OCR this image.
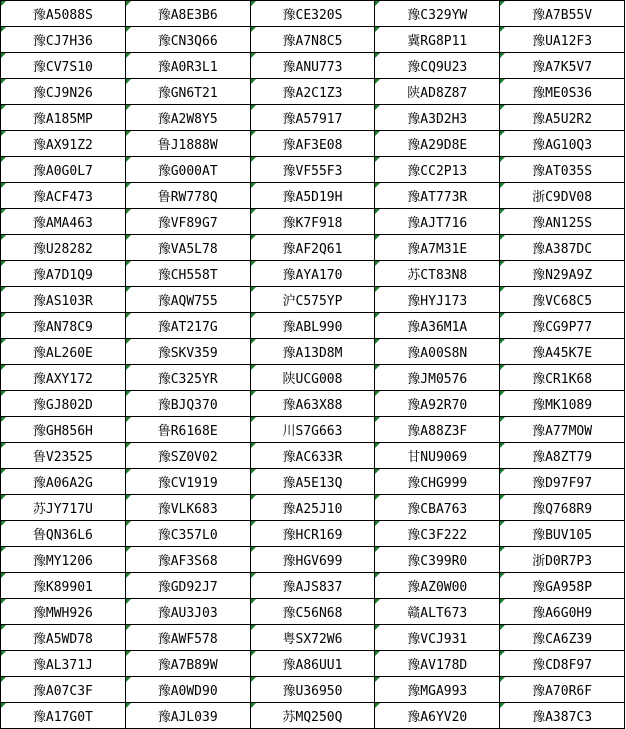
豫A5088S	豫A8E3B6	豫CE320S	豫C329YW	豫A7B55V
豫CJ7H36	豫CN3Q66	豫A7N8C5	冀RG8P11	豫UA12F3
豫CV7S10	豫A0R3L1	豫ANU773	豫CQ9U23	豫A7K5V7
豫CJ9N26	豫GN6T21	豫A2C1Z3	陕AD8Z87	豫ME0S36
豫A185MP	豫A2W8Y5	豫A57917	豫A3D2H3	豫A5U2R2
豫AX91Z2	鲁J1888W	豫AF3E08	豫A29D8E	豫AG10Q3
豫A0G0L7	豫G000AT	豫VF55F3	豫CC2P13	豫AT035S
豫ACF473	鲁RW778Q	豫A5D19H	豫AT773R	浙C9DV08
豫AMA463	豫VF89G7	豫K7F918	豫AJT716	豫AN125S
豫U28282	豫VA5L78	豫AF2Q61	豫A7M31E	豫A387DC
豫A7D1Q9	豫CH558T	豫AYA170	苏CT83N8	豫N29A9Z
豫AS103R	豫AQW755	沪C575YP	豫HYJ173	豫VC68C5
豫AN78C9	豫AT217G	豫ABL990	豫A36M1A	豫CG9P77
豫AL260E	豫SKV359	豫A13D8M	豫A00S8N	豫A45K7E
豫AXY172	豫C325YR	陕UCG008	豫JM0576	豫CR1K68
豫GJ802D	豫BJQ370	豫A63X88	豫A92R70	豫MK1089
豫GH856H	鲁R6168E	川S7G663	豫A88Z3F	豫A77MOW
鲁V23525	豫SZ0V02	豫AC633R	甘NU9069	豫A8ZT79
豫A06A2G	豫CV1919	豫A5E13Q	豫CHG999	豫D97F97
苏JY717U	豫VLK683	豫A25J10	豫CBA763	豫Q768R9
鲁QN36L6	豫C357L0	豫HCR169	豫C3F222	豫BUV105
豫MY1206	豫AF3S68	豫HGV699	豫C399R0	浙D0R7P3
豫K89901	豫GD92J7	豫AJS837	豫AZ0W00	豫GA958P
豫MWH926	豫AU3J03	豫C56N68	赣ALT673	豫A6G0H9
豫A5WD78	豫AWF578	粤SX72W6	豫VCJ931	豫CA6Z39
豫AL371J	豫A7B89W	豫A86UU1	豫AV178D	豫CD8F97
豫A07C3F	豫A0WD90	豫U36950	豫MGA993	豫A70R6F
豫A17G0T	豫AJL039	苏MQ250Q	豫A6YV20	豫A387C3
